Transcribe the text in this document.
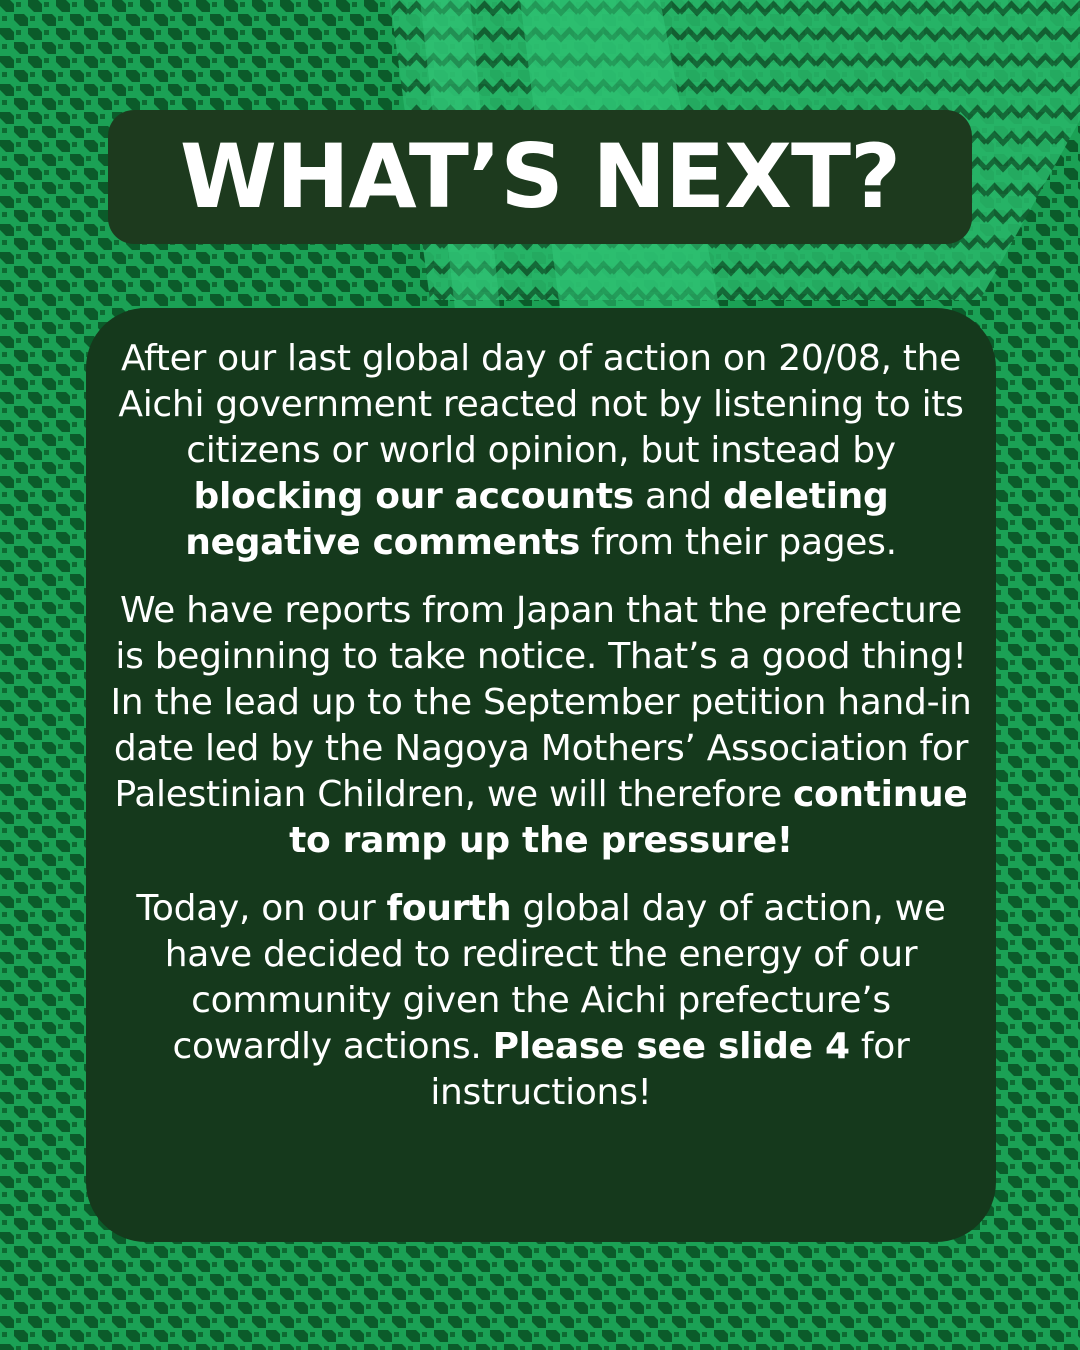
WHAT’S NEXT?

After our last global day of action on 20/08, the Aichi government reacted not by listening to its citizens or world opinion, but instead by blocking our accounts and deleting negative comments from their pages.

We have reports from Japan that the prefecture is beginning to take notice. That’s a good thing! In the lead up to the September petition hand-in date led by the Nagoya Mothers’ Association for Palestinian Children, we will therefore continue to ramp up the pressure!

Today, on our fourth global day of action, we have decided to redirect the energy of our community given the Aichi prefecture’s cowardly actions. Please see slide 4 for instructions!
